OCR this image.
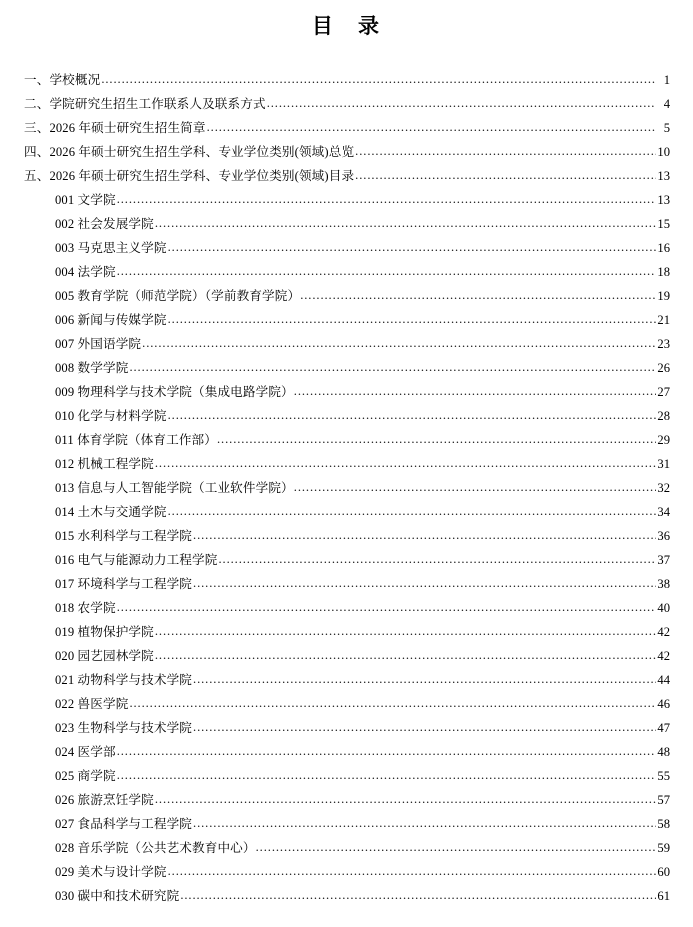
目　录
一、学校概况 .....	1
二、学院研究生招生工作联系人及联系方式 .....	4
三、2026 年硕士研究生招生简章 .....	5
四、2026 年硕士研究生招生学科、专业学位类别(领域)总览 .....	10
五、2026 年硕士研究生招生学科、专业学位类别(领域)目录 .....	13
001 文学院 .....	13
002 社会发展学院 .....	15
003 马克思主义学院 .....	16
004 法学院 .....	18
005 教育学院（师范学院）（学前教育学院） .....	19
006 新闻与传媒学院 .....	21
007 外国语学院 .....	23
008 数学学院 .....	26
009 物理科学与技术学院（集成电路学院） .....	27
010 化学与材料学院 .....	28
011 体育学院（体育工作部） .....	29
012 机械工程学院 .....	31
013 信息与人工智能学院（工业软件学院） .....	32
014 土木与交通学院 .....	34
015 水利科学与工程学院 .....	36
016 电气与能源动力工程学院 .....	37
017 环境科学与工程学院 .....	38
018 农学院 .....	40
019 植物保护学院 .....	42
020 园艺园林学院 .....	42
021 动物科学与技术学院 .....	44
022 兽医学院 .....	46
023 生物科学与技术学院 .....	47
024 医学部 .....	48
025 商学院 .....	55
026 旅游烹饪学院 .....	57
027 食品科学与工程学院 .....	58
028 音乐学院（公共艺术教育中心） .....	59
029 美术与设计学院 .....	60
030 碳中和技术研究院 .....	61
